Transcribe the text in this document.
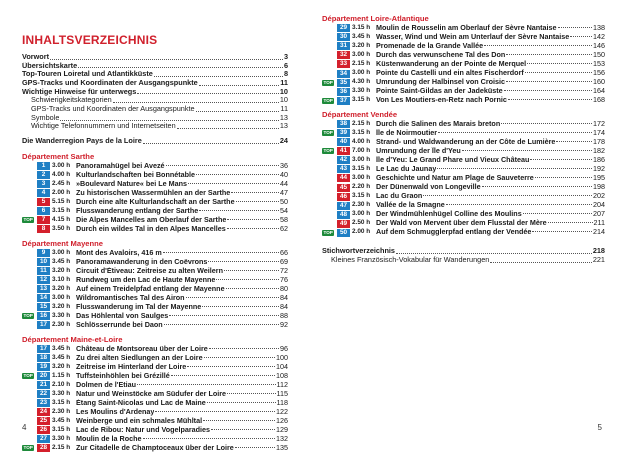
INHALTSVERZEICHNIS
Vorwort	3
Übersichtskarte	6
Top-Touren Loiretal und Atlantikküste	8
GPS-Tracks und Koordinaten der Ausgangspunkte	11
Wichtige Hinweise für unterwegs	10
Schwierigkeitskategorien	10
GPS-Tracks und Koordinaten der Ausgangspunkte	11
Symbole	13
Wichtige Telefonnummern und Internetseiten	13
Die Wanderregion Pays de la Loire	24
Département Sarthe
1	3.00 h Panoramahügel bei Avezé	36
2	4.00 h Kulturlandschaften bei Bonnétable	40
3	2.45 h »Boulevard Nature« bei Le Mans	44
4	2.00 h Zu historischen Wassermühlen an der Sarthe	47
5	5.15 h Durch eine alte Kulturlandschaft an der Sarthe	50
6	3.15 h Flusswanderung entlang der Sarthe	54
TOP	7	4.15 h Die Alpes Mancelles am Oberlauf der Sarthe	58
8	3.50 h Durch ein wildes Tal in den Alpes Mancelles	62
Département Mayenne
9	3.00 h Mont des Avaloirs, 416 m	66
10 3.45 h Panoramawanderung in den Coëvrons	69
11 3.20 h Circuit d'Étiveau: Zeitreise zu alten Weilern	72
12 3.10 h Rundweg um den Lac de Haute Mayenne	76
13 3.20 h Auf einem Treidelpfad entlang der Mayenne	80
14 3.00 h Wildromantisches Tal des Airon	84
15 3.20 h Flusswanderung im Tal der Mayenne	84
TOP	16 3.30 h Das Höhlental von Saulges	88
17 2.30 h Schlösserrunde bei Daon	92
Département Maine-et-Loire
17 3.45 h Château de Montsoreau über der Loire	96
18 3.45 h Zu drei alten Siedlungen an der Loire	100
19 3.20 h Zeitreise im Hinterland der Loire	104
TOP	20 1.15 h Tuffsteinhöhlen bei Grézillé	108
21 2.10 h Dolmen de l'Etiau	112
22 3.30 h Natur und Weinstöcke am Südufer der Loire	115
23 3.15 h Étang Saint-Nicolas und Lac de Maine	118
24 2.30 h Les Moulins d'Ardenay	122
25 3.45 h Weinberge und ein schmales Mühltal	126
26 3.15 h Lac de Ribou: Natur und Vogelparadies	129
27 3.30 h Moulin de la Roche	132
TOP	28 2.15 h Zur Citadelle de Champtoceaux über der Loire	135
4
Département Loire-Atlantique
29 3.15 h Moulin de Rousselin am Oberlauf der Sèvre Nantaise	138
30 3.45 h Wasser, Wind und Wein am Unterlauf der Sèvre Nantaise	142
31 3.20 h Promenade de la Grande Vallée	146
32 3.00 h Durch das verwunschene Tal des Don	150
33 2.15 h Küstenwanderung an der Pointe de Merquel	153
34 3.00 h Pointe du Castelli und ein altes Fischerdorf	156
TOP	35 4.30 h Umrundung der Halbinsel von Croisic	160
36 3.30 h Pointe Saint-Gildas an der Jadeküste	164
TOP	37 3.15 h Von Les Moutiers-en-Retz nach Pornic	168
Département Vendée
38 2.15 h Durch die Salinen des Marais breton	172
TOP	39 3.15 h Île de Noirmoutier	174
40 4.00 h Strand- und Waldwanderung an der Côte de Lumière	178
TOP	41 7.00 h Umrundung der Île d'Yeu	182
42 3.00 h Île d'Yeu: Le Grand Phare und Vieux Château	186
43 3.15 h Le Lac du Jaunay	192
44 3.00 h Geschichte und Natur am Plage de Sauveterre	195
45 2.20 h Der Dünenwald von Longeville	198
46 3.15 h Lac du Graon	202
47 2.30 h Vallée de la Smagne	204
48 3.00 h Der Windmühlenhügel Colline des Moulins	207
49 2.50 h Der Wald von Mervent über dem Flusstal der Mère	211
TOP	50 2.00 h Auf dem Schmugglerpfad entlang der Vendée	214
Stichwortverzeichnis	218
Kleines Französisch-Vokabular für Wanderungen	221
5
